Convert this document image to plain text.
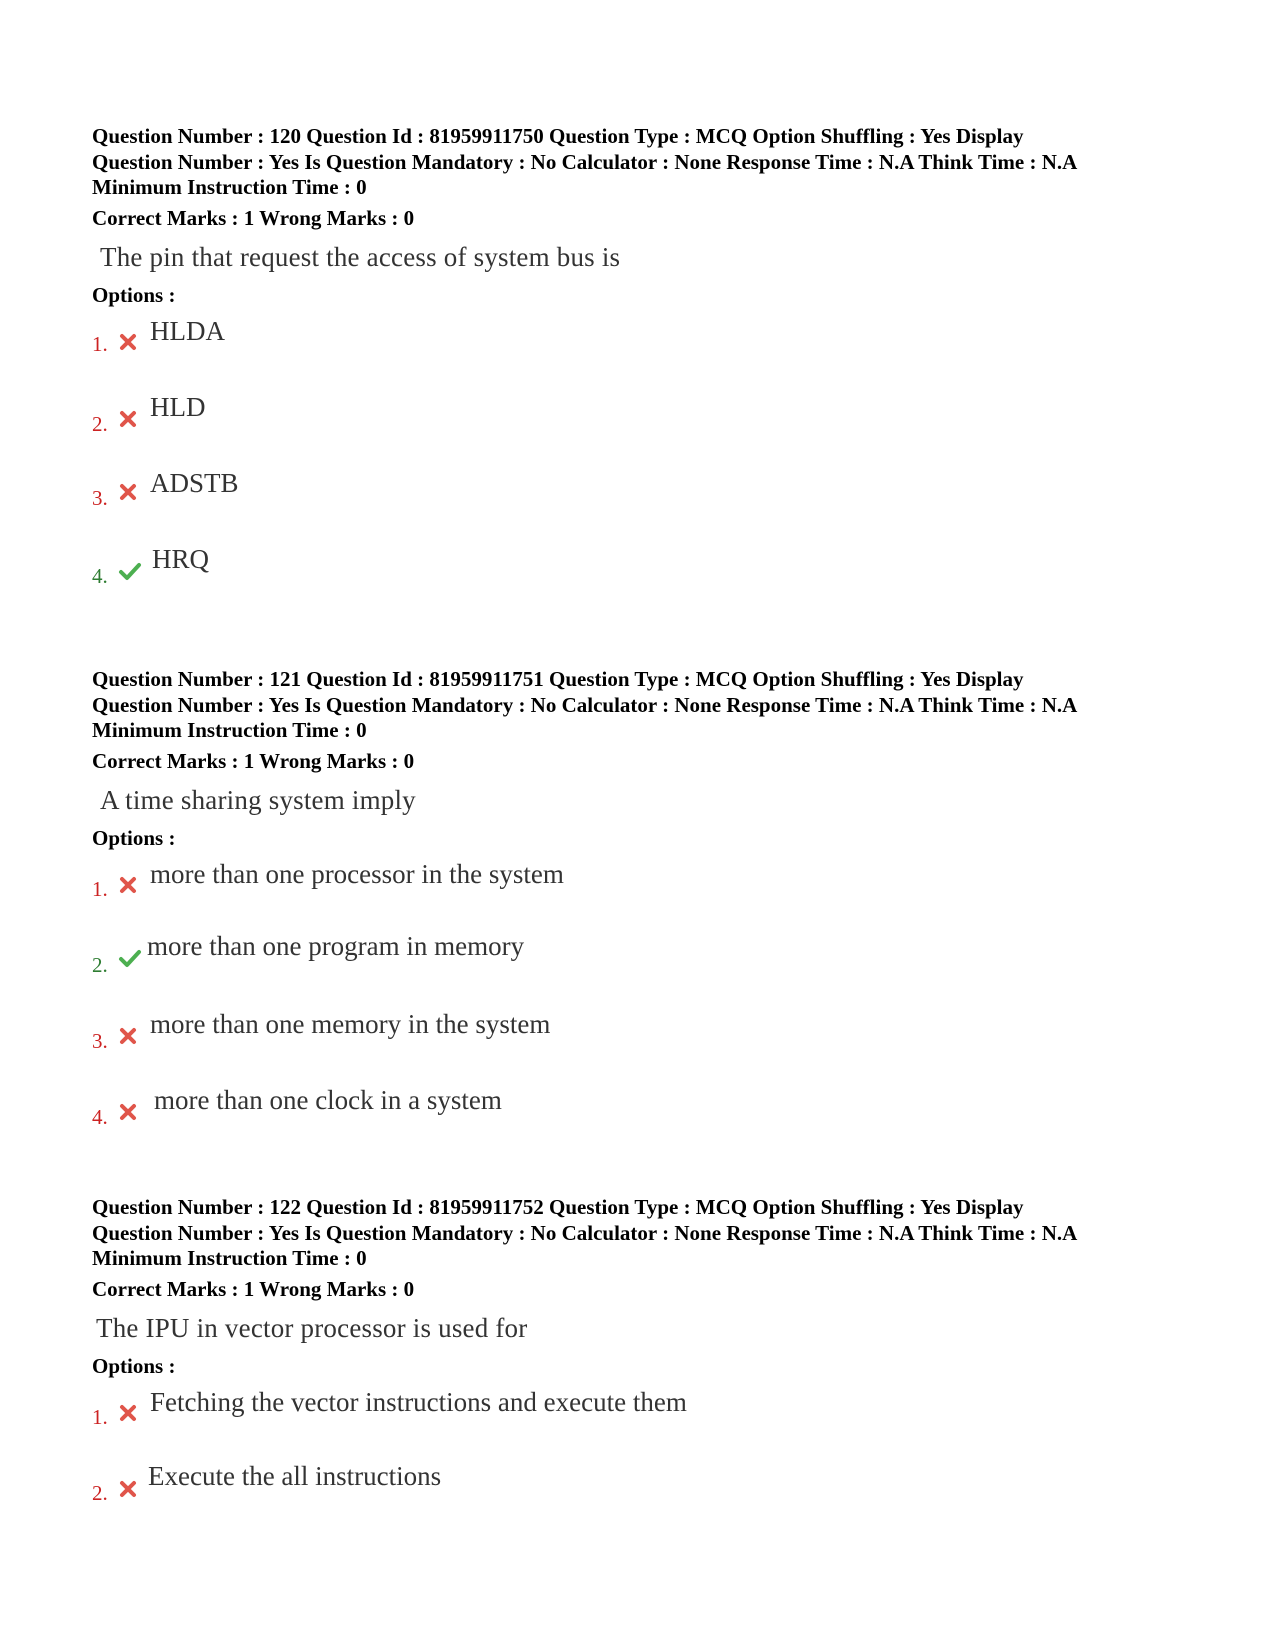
Question Number : 120 Question Id : 81959911750 Question Type : MCQ Option Shuffling : Yes Display
Question Number : Yes Is Question Mandatory : No Calculator : None Response Time : N.A Think Time : N.A
Minimum Instruction Time : 0
Correct Marks : 1 Wrong Marks : 0
The pin that request the access of system bus is
Options :
1. HLDA
2.
HLD
3. ADSTB
4.
HRQ
Question Number : 121 Question Id : 81959911751 Question Type : MCQ Option Shuffling : Yes Display
Question Number : Yes Is Question Mandatory : No Calculator : None Response Time : N.A Think Time : N.A
Minimum Instruction Time : 0
Correct Marks : 1 Wrong Marks : 0
A time sharing system imply
Options :
1. more than one processor in the system
2.
more than one program in memory
3.
more than one memory in the system
4.
more than one clock in a system
Question Number : 122 Question Id : 81959911752 Question Type : MCQ Option Shuffling : Yes Display
Question Number : Yes Is Question Mandatory : No Calculator : None Response Time : N.A Think Time : N.A
Minimum Instruction Time : 0
Correct Marks : 1 Wrong Marks : 0
The IPU in vector processor is used for
Options :
1. Fetching the vector instructions and execute them
2.
Execute the all instructions
